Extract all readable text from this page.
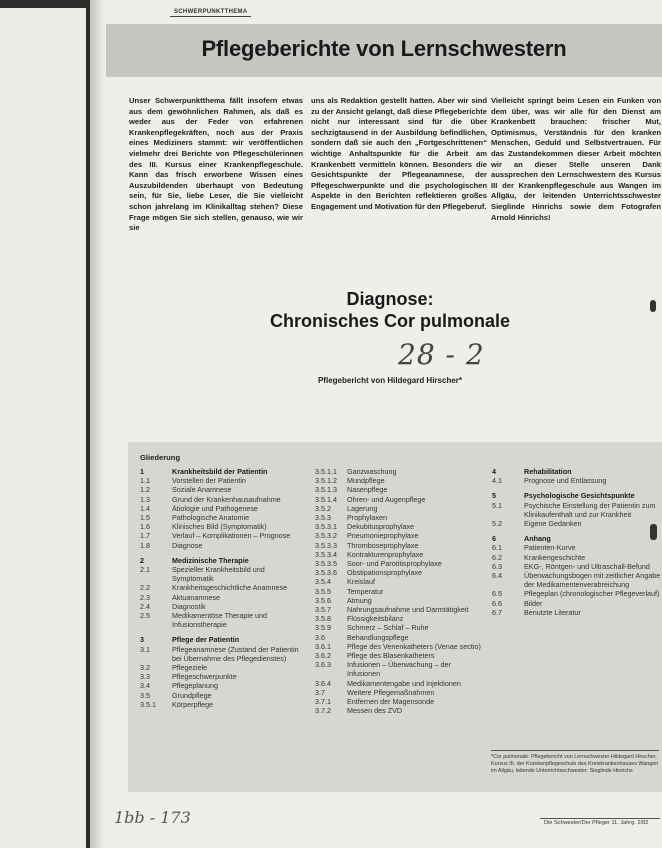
SCHWERPUNKTTHEMA
Pflegeberichte von Lernschwestern
Unser Schwerpunktthema fällt insofern etwas aus dem gewöhnlichen Rahmen, als daß es weder aus der Feder von erfahrenen Krankenpflegekräften, noch aus der Praxis eines Mediziners stammt: wir veröffentlichen vielmehr drei Berichte von Pflegeschülerinnen des III. Kursus einer Krankenpflegeschule. Kann das frisch erworbene Wissen eines Auszubildenden überhaupt von Bedeutung sein, für Sie, liebe Leser, die Sie vielleicht schon jahrelang im Klinikalltag stehen? Diese Frage mögen Sie sich stellen, genauso, wie wir sie
uns als Redaktion gestellt hatten. Aber wir sind zu der Ansicht gelangt, daß diese Pflegeberichte nicht nur interessant sind für die über sechzigtausend in der Ausbildung befindlichen, sondern daß sie auch den „Fortgeschrittenen“ wichtige Anhaltspunkte für die Arbeit am Krankenbett vermitteln können. Besonders die Gesichtspunkte der Pflegeanamnese, der Pflegeschwerpunkte und die psychologischen Aspekte in den Berichten reflektieren großes Engagement und Motivation für den Pflegeberuf.
Vielleicht springt beim Lesen ein Funken von dem über, was wir alle für den Dienst am Krankenbett brauchen: frischer Mut, Optimismus, Verständnis für den kranken Menschen, Geduld und Selbstvertrauen. Für das Zustandekommen dieser Arbeit möchten wir an dieser Stelle unseren Dank aussprechen den Lernschwestern des Kursus III der Krankenpflegeschule aus Wangen im Allgäu, der leitenden Unterrichtsschwester Sieglinde Hinrichs sowie dem Fotografen Arnold Hinrichs!
Diagnose:
Chronisches Cor pulmonale
28 - 2
Pflegebericht von Hildegard Hirscher*
Gliederung
1	Krankheitsbild der Patientin
1.1	Vorstellen der Patientin
1.2	Soziale Anamnese
1.3	Grund der Krankenhausaufnahme
1.4	Ätiologie und Pathogenese
1.5	Pathologische Anatomie
1.6	Klinisches Bild (Symptomatik)
1.7	Verlauf – Komplikationen – Prognose
1.8	Diagnose
2	Medizinische Therapie
2.1	Spezieller Krankheitsbild und Symptomatik
2.2	Krankheitsgeschichtliche Anamnese
2.3	Aktuanamnese
2.4	Diagnostik
2.5	Medikamentöse Therapie und Infusionstherapie
3	Pflege der Patientin
3.1	Pflegeanamnese (Zustand der Patientin bei Übernahme des Pflegedienstes)
3.2	Pflegeziele
3.3	Pflegeschwerpunkte
3.4	Pflegeplanung
3.5	Grundpflege
3.5.1	Körperpflege
3.5.1.1	Ganzwaschung
3.5.1.2	Mundpflege
3.5.1.3	Nasenpflege
3.5.1.4	Ohren- und Augenpflege
3.5.2	Lagerung
3.5.3	Prophylaxen
3.5.3.1	Dekubitusprophylaxe
3.5.3.2	Pneumonieprophylaxe
3.5.3.3	Thromboseprophylaxe
3.5.3.4	Kontrakturenprophylaxe
3.5.3.5	Soor- und Parotitisprophylaxe
3.5.3.6	Obstipationsprophylaxe
3.5.4	Kreislauf
3.5.5	Temperatur
3.5.6	Atmung
3.5.7	Nahrungsaufnahme und Darmtätigkeit
3.5.8	Flüssigkeitsbilanz
3.5.9	Schmerz – Schlaf – Ruhe
3.6	Behandlungspflege
3.6.1	Pflege des Venenkatheters (Venae sectio)
3.6.2	Pflege des Blasenkatheters
3.6.3	Infusionen – Überwachung – der Infusionen
3.6.4	Medikamentengabe und Injektionen
3.7	Weitere Pflegemaßnahmen
3.7.1	Entfernen der Magensonde
3.7.2	Messen des ZVD
4	Rehabilitation
4.1	Prognose und Entlassung
5	Psychologische Gesichtspunkte
5.1	Psychische Einstellung der Patientin zum Klinikaufenthalt und zur Krankheit
5.2	Eigene Gedanken
6	Anhang
6.1	Patienten-Kurve
6.2	Krankengeschichte
6.3	EKG-, Röntgen- und Ultraschall-Befund
6.4	Überwachungsbogen mit zeitlicher Angabe der Medikamentenverabreichung
6.5	Pflegeplan (chronologischer Pflegeverlauf)
6.6	Bilder
6.7	Benutzte Literatur
*Cor pulmonale: Pflegebericht von Lernschwester Hildegard Hirscher, Kursus III, der Krankenpflegeschule des Kreiskrankenhauses Wangen im Allgäu, leitende Unterrichtsschwester: Sieglinde Hinrichs
1bb - 173	Die Schwester/Der Pfleger 11. Jahrg. 2/82
